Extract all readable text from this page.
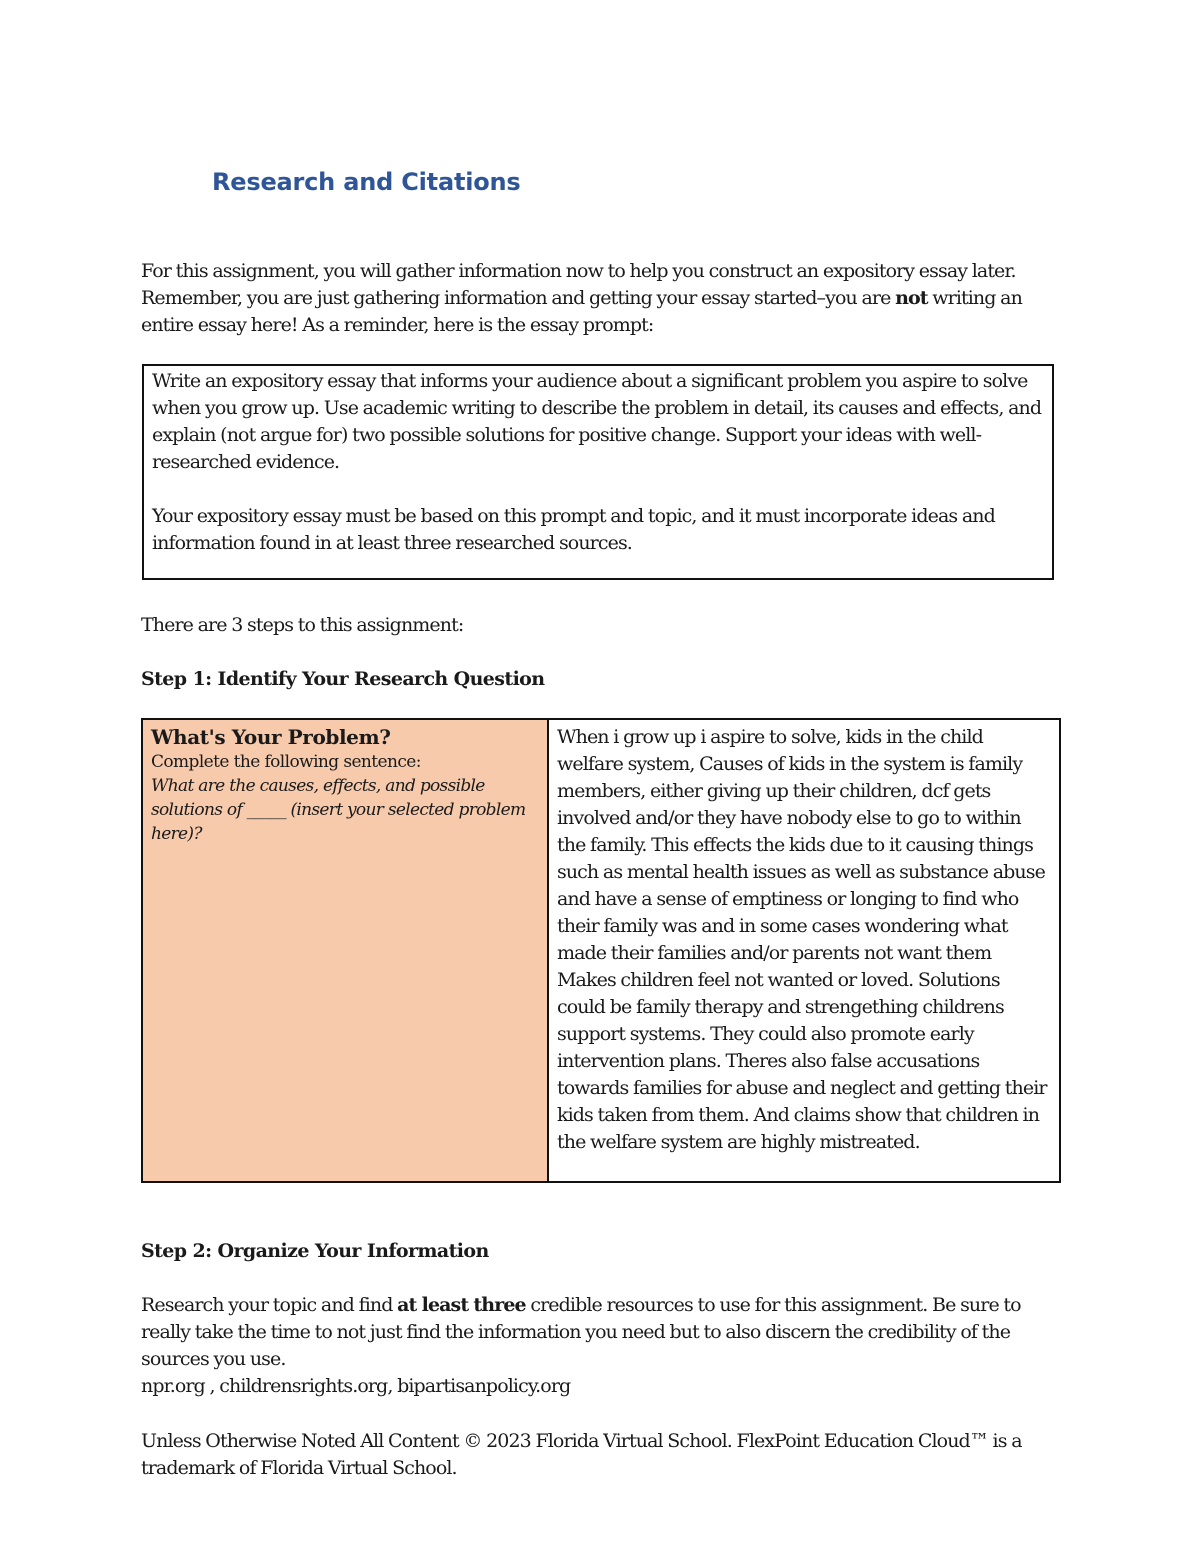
Research and Citations
For this assignment, you will gather information now to help you construct an expository essay later. Remember, you are just gathering information and getting your essay started–you are not writing an entire essay here! As a reminder, here is the essay prompt:

Write an expository essay that informs your audience about a significant problem you aspire to solve when you grow up. Use academic writing to describe the problem in detail, its causes and effects, and explain (not argue for) two possible solutions for positive change. Support your ideas with well-researched evidence.

Your expository essay must be based on this prompt and topic, and it must incorporate ideas and information found in at least three researched sources.

There are 3 steps to this assignment:
Step 1: Identify Your Research Question
What's Your Problem?
Complete the following sentence:
What are the causes, effects, and possible solutions of _____ (insert your selected problem here)?
When i grow up i aspire to solve, kids in the child welfare system, Causes of kids in the system is family members, either giving up their children, dcf gets involved and/or they have nobody else to go to within the family. This effects the kids due to it causing things such as mental health issues as well as substance abuse and have a sense of emptiness or longing to find who their family was and in some cases wondering what made their families and/or parents not want them Makes children feel not wanted or loved. Solutions could be family therapy and strengething childrens support systems. They could also promote early intervention plans. Theres also false accusations towards families for abuse and neglect and getting their kids taken from them. And claims show that children in the welfare system are highly mistreated.
Step 2: Organize Your Information
Research your topic and find at least three credible resources to use for this assignment. Be sure to really take the time to not just find the information you need but to also discern the credibility of the sources you use.
npr.org , childrensrights.org, bipartisanpolicy.org
Unless Otherwise Noted All Content © 2023 Florida Virtual School. FlexPoint Education Cloud™ is a trademark of Florida Virtual School.
